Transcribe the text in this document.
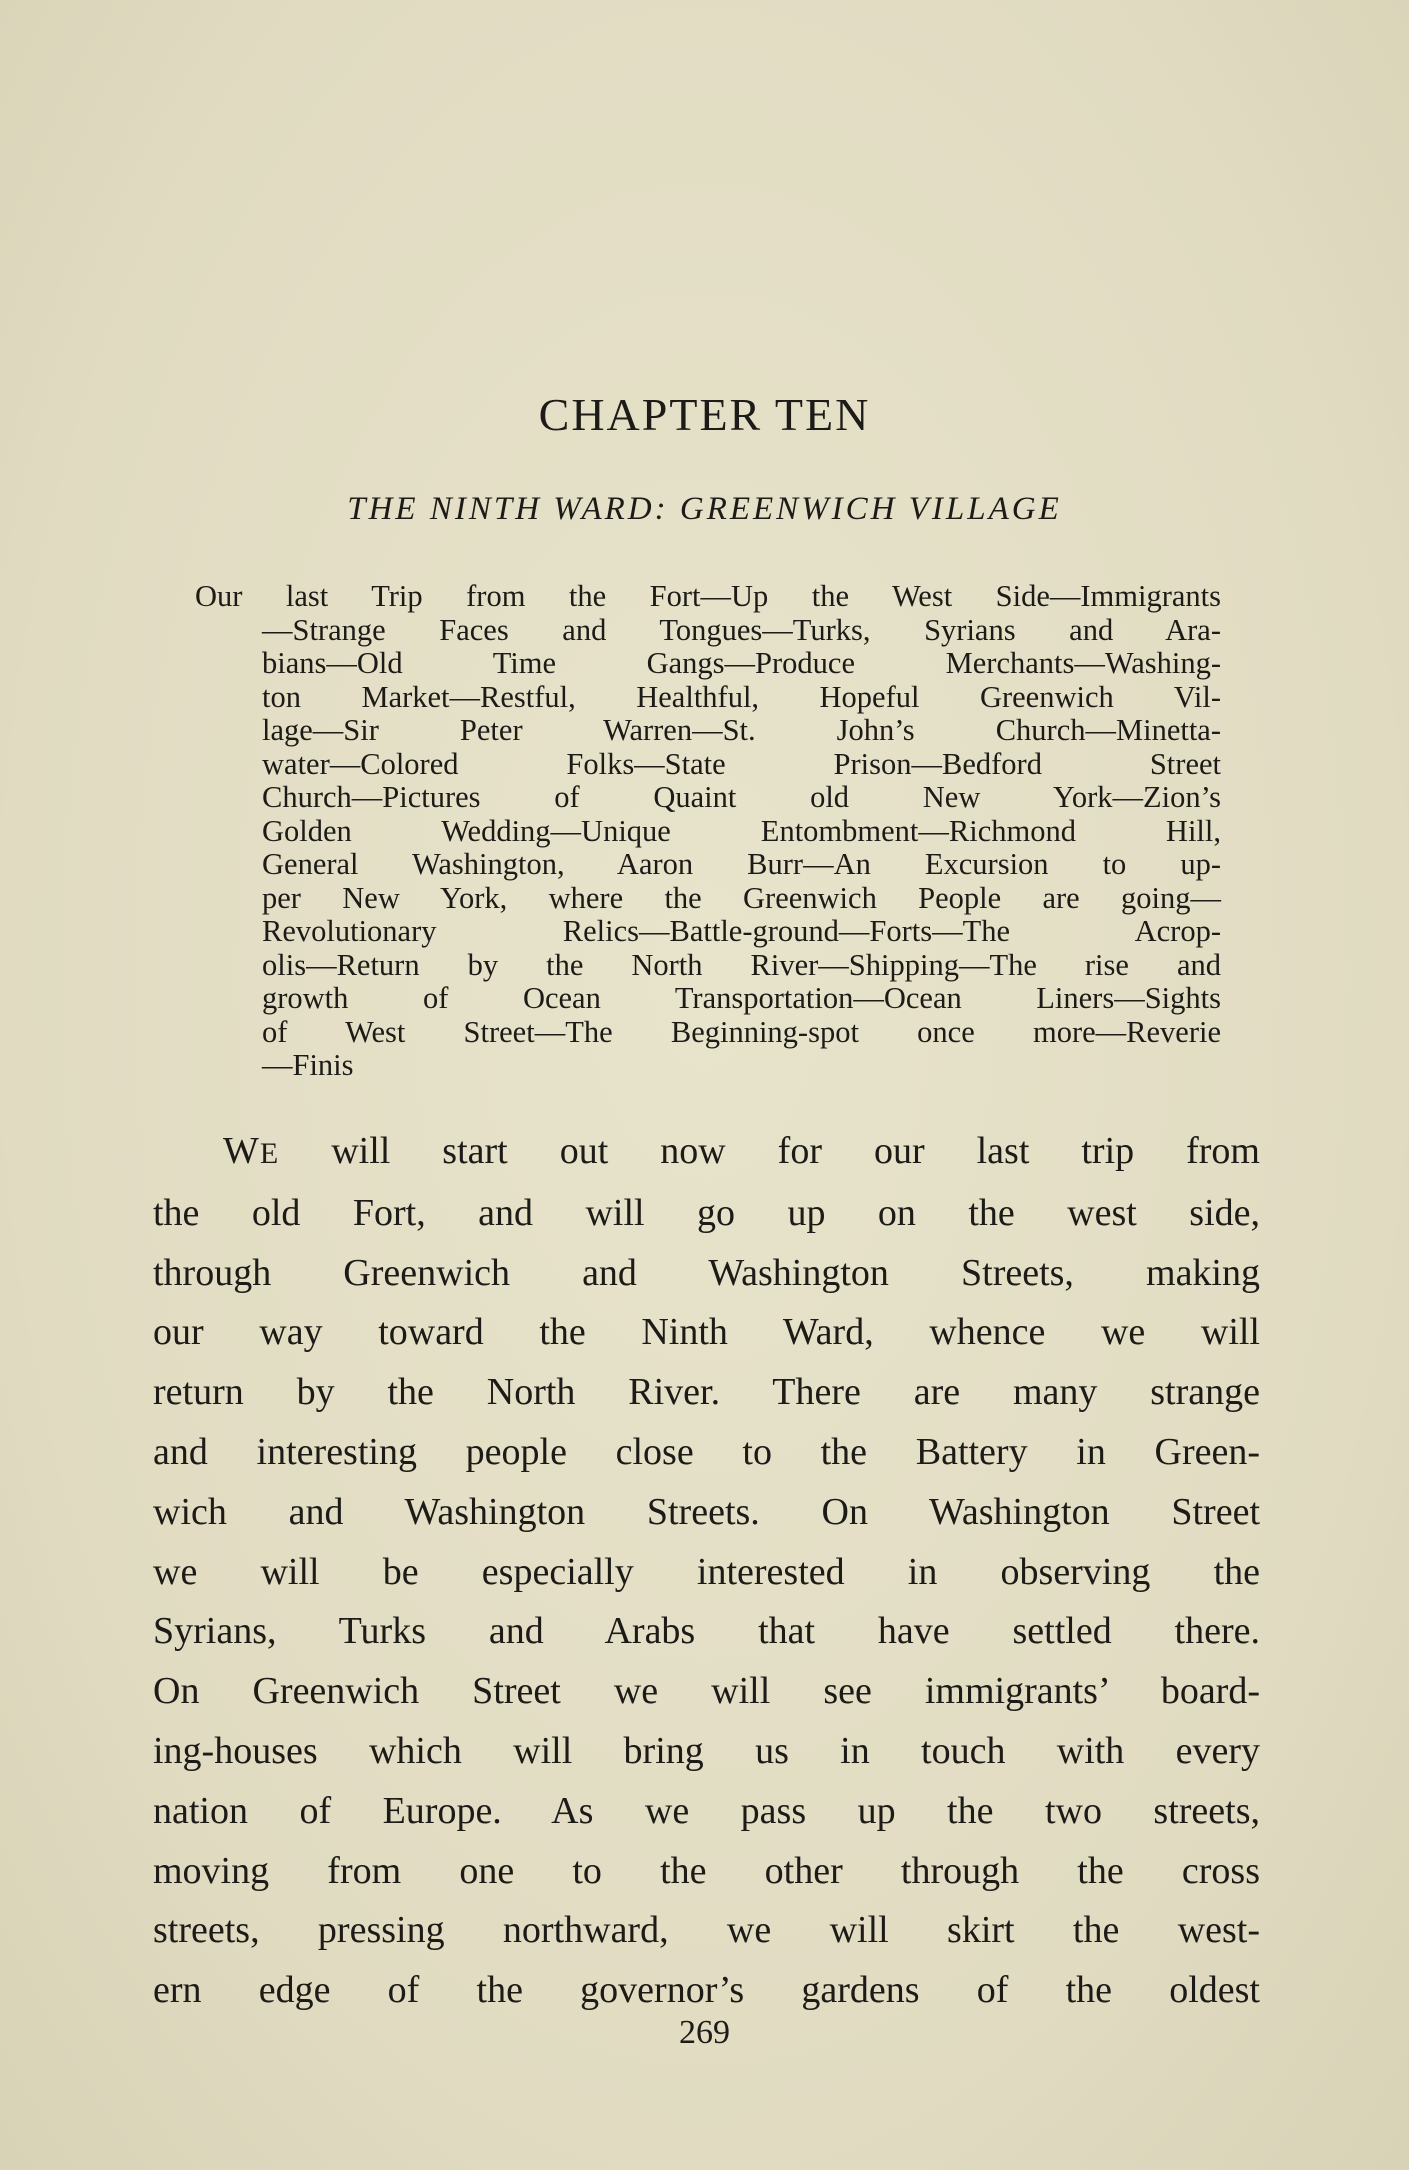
CHAPTER TEN
THE NINTH WARD: GREENWICH VILLAGE
Our last Trip from the Fort—Up the West Side—Immigrants
—Strange Faces and Tongues—Turks, Syrians and Ara-
bians—Old Time Gangs—Produce Merchants—Washing-
ton Market—Restful, Healthful, Hopeful Greenwich Vil-
lage—Sir Peter Warren—St. John’s Church—Minetta-
water—Colored Folks—State Prison—Bedford Street
Church—Pictures of Quaint old New York—Zion’s
Golden Wedding—Unique Entombment—Richmond Hill,
General Washington, Aaron Burr—An Excursion to up-
per New York, where the Greenwich People are going—
Revolutionary Relics—Battle-ground—Forts—The Acrop-
olis—Return by the North River—Shipping—The rise and
growth of Ocean Transportation—Ocean Liners—Sights
of West Street—The Beginning-spot once more—Reverie
—Finis
WE will start out now for our last trip from
the old Fort, and will go up on the west side,
through Greenwich and Washington Streets, making
our way toward the Ninth Ward, whence we will
return by the North River. There are many strange
and interesting people close to the Battery in Green-
wich and Washington Streets. On Washington Street
we will be especially interested in observing the
Syrians, Turks and Arabs that have settled there.
On Greenwich Street we will see immigrants’ board-
ing-houses which will bring us in touch with every
nation of Europe. As we pass up the two streets,
moving from one to the other through the cross
streets, pressing northward, we will skirt the west-
ern edge of the governor’s gardens of the oldest
269
